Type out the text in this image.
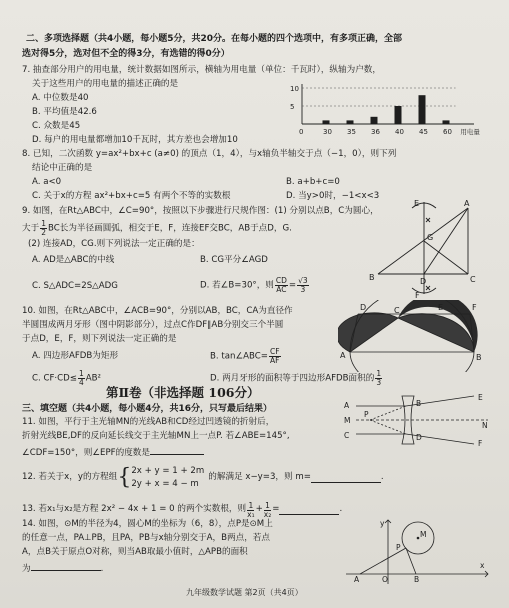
二、多项选择题（共4小题，每小题5分，共20分。在每小题的四个选项中，有多项正确，全部
选对得5分，选对但不全的得3分，有选错的得0分）
7. 抽查部分用户的用电量，统计数据如图所示，横轴为用电量（单位：千瓦时），纵轴为户数，
关于这些用户的用电量的描述正确的是
A. 中位数是40
B. 平均值是42.6
C. 众数是45
D. 每户的用电量都增加10千瓦时，其方差也会增加10
10
5
0	30 35 36 40 45 60 用电量
8. 已知，二次函数 y=ax²+bx+c (a≠0) 的顶点（1，4），与x轴负半轴交于点（−1，0），则下列
结论中正确的是
A. a<0	B. a+b+c=0
C. 关于x的方程 ax²+bx+c=5 有两个不等的实数根	D. 当y>0时，−1<x<3
9. 如图，在Rt△ABC中，∠C=90°，按照以下步骤进行尺规作图：(1) 分别以点B，C为圆心，
大于 $\frac{1}{2}$ BC长为半径画圆弧，相交于E，F，连接EF交BC，AB于点D，G.
(2) 连接AD，CG.则下列说法一定正确的是：
A. AD是△ABC的中线	B. CG平分∠AGD
C. S△ADC=2S△ADG	D. 若∠B=30°，则 $\frac{CD}{AC} = \frac{√3}{3}$
A
B	C
D
E
F
G
10. 如图，在Rt△ABC中，∠ACB=90°，分别以AB，BC，CA为直径作
半圆围成两月牙形（图中阴影部分），过点C作DF∥AB分别交三个半圆
于点D，E，F，则下列说法一定正确的是
A. 四边形AFDB为矩形	B. tan∠ABC= $\frac{CF}{AF}$
C. $CF\cdot CD\le \frac{1}{4} AB^2$	D. 两月牙形的面积等于四边形AFDB面积的 $\frac{1}{3}$
D	C	E	F
A	B
第Ⅱ卷（非选择题 106分）
三、填空题（共4小题，每小题4分，共16分，只写最后结果）
11. 如图，平行于主光轴MN的光线AB和CD经过凹透镜的折射后，
折射光线BE,DF的反向延长线交于主光轴MN上一点P. 若∠ABE=145°,
∠CDF=150°，则∠EPF的度数是
A
C
M
P
E
F
B
D
N
12. 若关于x，y的方程组 { 2x + y = 1 + 2m
2y + x = 4 − m
的解满足 x−y=3，则 m=	.
13. 若x₁与x₂是方程 2x² − 4x + 1 = 0 的两个实数根，则 $\frac{1}{\text{x₁}} + \frac{1}{\text{x₂}}$ =	.
14. 如图，⊙M的半径为4，圆心M的坐标为（6，8），点P是⊙M上
的任意一点，PA⊥PB，且PA，PB与x轴分别交于A，B两点，若点
A，点B关于原点O对称，则当AB取最小值时，△APB的面积
为	.
y
M
P
A	O	B
x
九年级数学试题 第2页（共4页）
